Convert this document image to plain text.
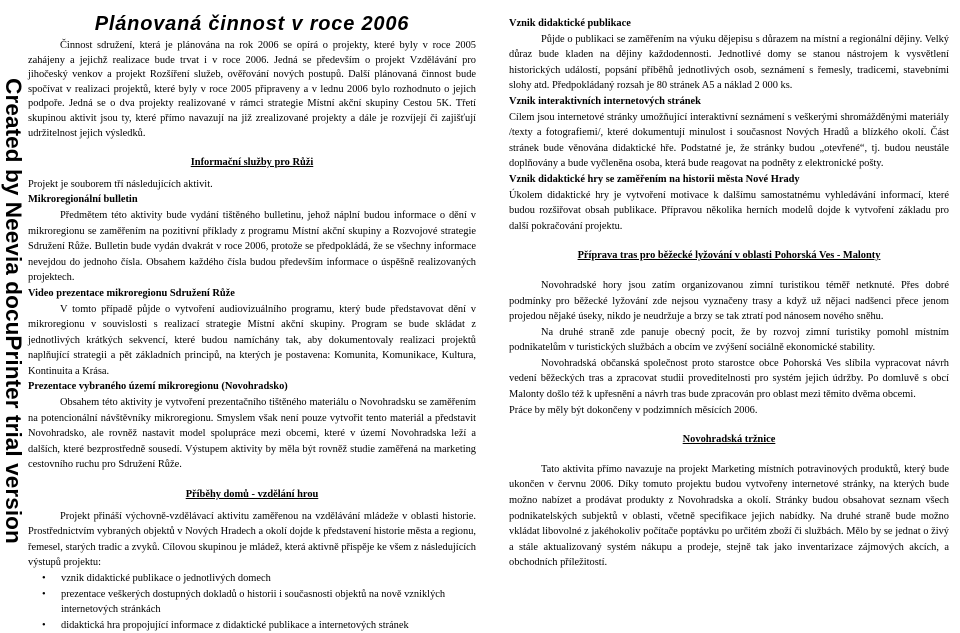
Created by Neevia docuPrinter trial version
Plánovaná činnost v roce 2006

Činnost sdružení, která je plánována na rok 2006 se opírá o projekty, které byly v roce 2005 zahájeny a jejichž realizace bude trvat i v roce 2006. Jedná se především o projekt Vzdělávání pro jihočeský venkov a projekt Rozšíření služeb, ověřování nových postupů. Další plánovaná činnost bude spočívat v realizaci projektů, které byly v roce 2005 připraveny a v lednu 2006 bylo rozhodnuto o jejich podpoře. Jedná se o dva projekty realizované v rámci strategie Místní akční skupiny Cestou 5K. Třetí skupinou aktivit jsou ty, které přímo navazují na již zrealizované projekty a dále je rozvíjejí či zajišťují udržitelnost jejich výsledků.

Informační služby pro Růži

Projekt je souborem tří následujících aktivit.

Mikroregionální bulletin

Předmětem této aktivity bude vydání tištěného bulletinu, jehož náplní budou informace o dění v mikroregionu se zaměřením na pozitivní příklady z programu Místní akční skupiny a Rozvojové strategie Sdružení Růže. Bulletin bude vydán dvakrát v roce 2006, protože se předpokládá, že se všechny informace nevejdou do jednoho čísla. Obsahem každého čísla budou především informace o úspěšně realizovaných projektech.

Video prezentace mikroregionu Sdružení Růže

V tomto případě půjde o vytvoření audiovizuálního programu, který bude představovat dění v mikroregionu v souvislosti s realizací strategie Místní akční skupiny. Program se bude skládat z jednotlivých krátkých sekvencí, které budou namíchány tak, aby dokumentovaly realizaci projektů naplňující strategii a pět základních principů, na kterých je postavena: Komunita, Komunikace, Kultura, Kontinuita a Krása.

Prezentace vybraného území mikroregionu (Novohradsko)

Obsahem této aktivity je vytvoření prezentačního tištěného materiálu o Novohradsku se zaměřením na potencionální návštěvníky mikroregionu. Smyslem však není pouze vytvořit tento materiál a představit Novohradsko, ale rovněž nastavit model spolupráce mezi obcemi, které v území Novohradska leží a dalších, které bezprostředně sousedí. Výstupem aktivity by měla být rovněž studie zaměřená na marketing cestovního ruchu pro Sdružení Růže.

Příběhy domů - vzdělání hrou

Projekt přináší výchovně-vzdělávací aktivitu zaměřenou na vzdělávání mládeže v oblasti historie. Prostřednictvím vybraných objektů v Nových Hradech a okolí dojde k představení historie města a regionu, řemesel, starých tradic a zvyků. Cílovou skupinou je mládež, která aktivně přispěje ke všem z následujících výstupů projektu:

• vznik didaktické publikace o jednotlivých domech
• prezentace veškerých dostupných dokladů o historii i současnosti objektů na nově vzniklých internetových stránkách
• didaktická hra propojující informace z didaktické publikace a internetových stránek

Vznik didaktické publikace

Půjde o publikaci se zaměřením na výuku dějepisu s důrazem na místní a regionální dějiny. Velký důraz bude kladen na dějiny každodennosti. Jednotlivé domy se stanou nástrojem k vysvětlení historických událostí, popsání příběhů jednotlivých osob, seznámení s řemesly, tradicemi, stavebními slohy atd. Předpokládaný rozsah je 80 stránek A5 a náklad 2 000 ks.

Vznik interaktivních internetových stránek

Cílem jsou internetové stránky umožňující interaktivní seznámení s veškerými shromážděnými materiály /texty a fotografiemi/, které dokumentují minulost i současnost Nových Hradů a blízkého okolí. Část stránek bude věnována didaktické hře. Podstatné je, že stránky budou „otevřené“, tj. budou neustále doplňovány a bude vyčleněna osoba, která bude reagovat na podněty z elektronické pošty.

Vznik didaktické hry se zaměřením na historii města Nové Hrady

Úkolem didaktické hry je vytvoření motivace k dalšímu samostatnému vyhledávání informací, které budou rozšiřovat obsah publikace. Přípravou několika herních modelů dojde k vytvoření základu pro další pokračování projektu.

Příprava tras pro běžecké lyžování v oblasti Pohorská Ves - Malonty

Novohradské hory jsou zatím organizovanou zimní turistikou téměř netknuté. Přes dobré podmínky pro běžecké lyžování zde nejsou vyznačeny trasy a když už nějaci nadšenci přece jenom projedou nějaké úseky, nikdo je neudržuje a brzy se tak ztratí pod nánosem nového sněhu.

Na druhé straně zde panuje obecný pocit, že by rozvoj zimní turistiky pomohl místním podnikatelům v turistických službách a obcím ve zvýšení sociálně ekonomické stability.

Novohradská občanská společnost proto starostce obce Pohorská Ves slíbila vypracovat návrh vedení běžeckých tras a zpracovat studii proveditelnosti pro systém jejich údržby. Po domluvě s obcí Malonty došlo též k upřesnění a návrh tras bude zpracován pro oblast mezi těmito dvěma obcemi.

Práce by měly být dokončeny v podzimních měsících 2006.

Novohradská tržnice

Tato aktivita přímo navazuje na projekt Marketing místních potravinových produktů, který bude ukončen v červnu 2006. Díky tomuto projektu budou vytvořeny internetové stránky, na kterých bude možno nabízet a prodávat produkty z Novohradska a okolí. Stránky budou obsahovat seznam všech podnikatelských subjektů v oblasti, včetně specifikace jejich nabídky. Na druhé straně bude možno vkládat libovolné z jakéhokoliv počítače poptávku po určitém zboží či službách. Mělo by se jednat o živý a stále aktualizovaný systém nákupu a prodeje, stejně tak jako inventarizace zájmových akcích, a obchodních příležitostí.
